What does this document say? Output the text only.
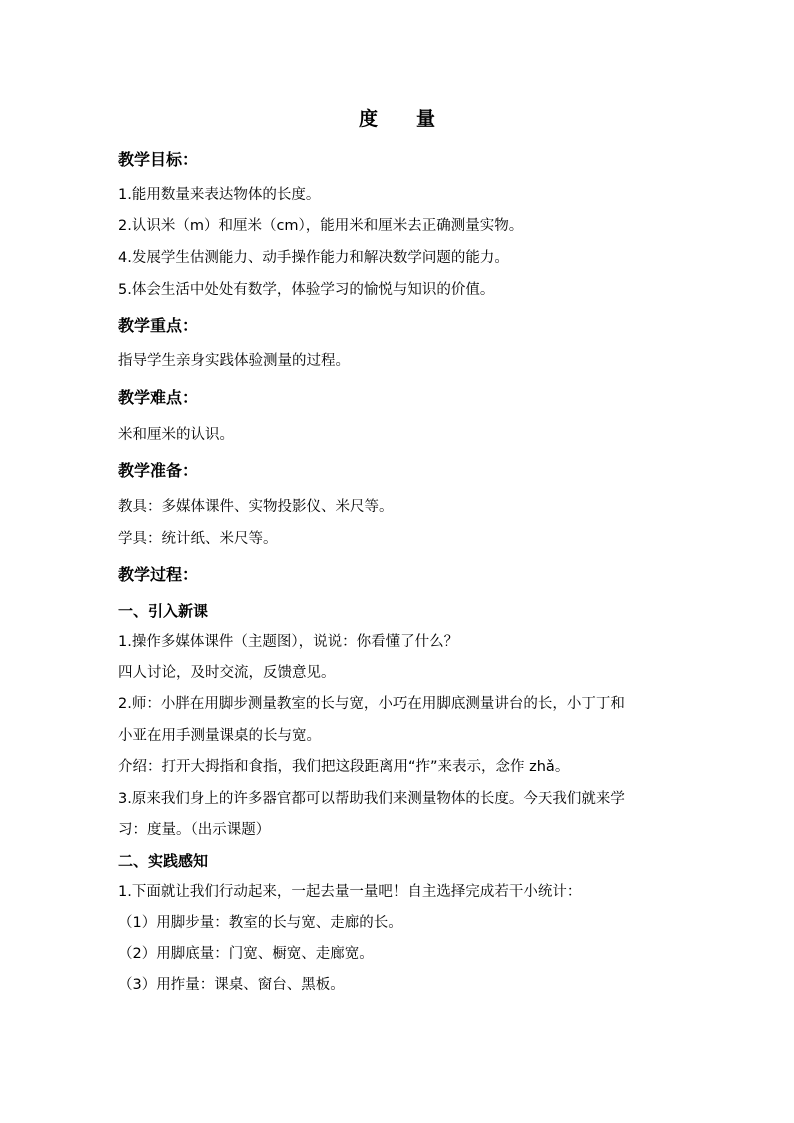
度 量
教学目标：
1.能用数量来表达物体的长度。
2.认识米（m）和厘米（cm），能用米和厘米去正确测量实物。
4.发展学生估测能力、动手操作能力和解决数学问题的能力。
5.体会生活中处处有数学，体验学习的愉悦与知识的价值。
教学重点：
指导学生亲身实践体验测量的过程。
教学难点：
米和厘米的认识。
教学准备：
教具：多媒体课件、实物投影仪、米尺等。
学具：统计纸、米尺等。
教学过程：
一、引入新课
1.操作多媒体课件（主题图），说说：你看懂了什么？
四人讨论，及时交流，反馈意见。
2.师：小胖在用脚步测量教室的长与宽，小巧在用脚底测量讲台的长，小丁丁和
小亚在用手测量课桌的长与宽。
介绍：打开大拇指和食指，我们把这段距离用“拃”来表示，念作 zhǎ。
3.原来我们身上的许多器官都可以帮助我们来测量物体的长度。今天我们就来学
习：度量。（出示课题）
二、实践感知
1.下面就让我们行动起来，一起去量一量吧！自主选择完成若干小统计：
（1）用脚步量：教室的长与宽、走廊的长。
（2）用脚底量：门宽、橱宽、走廊宽。
（3）用拃量：课桌、窗台、黑板。
